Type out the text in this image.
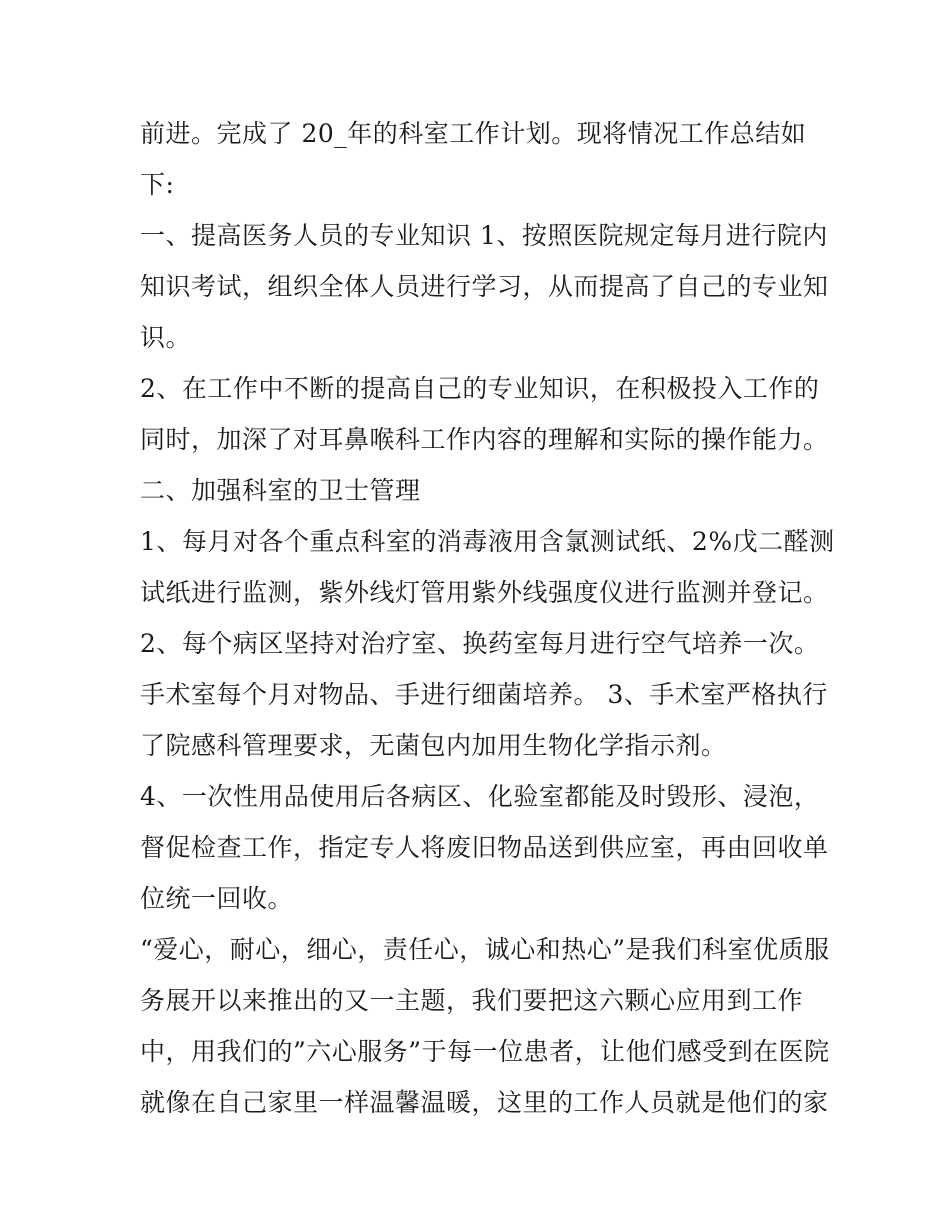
前进。完成了 20_年的科室工作计划。现将情况工作总结如
下:
一、提高医务人员的专业知识 1、按照医院规定每月进行院内
知识考试，组织全体人员进行学习，从而提高了自己的专业知
识。
2、在工作中不断的提高自己的专业知识，在积极投入工作的
同时，加深了对耳鼻喉科工作内容的理解和实际的操作能力。
二、加强科室的卫士管理
1、每月对各个重点科室的消毒液用含氯测试纸、2%戊二醛测
试纸进行监测，紫外线灯管用紫外线强度仪进行监测并登记。
2、每个病区坚持对治疗室、换药室每月进行空气培养一次。
手术室每个月对物品、手进行细菌培养。 3、手术室严格执行
了院感科管理要求，无菌包内加用生物化学指示剂。
4、一次性用品使用后各病区、化验室都能及时毁形、浸泡，
督促检查工作，指定专人将废旧物品送到供应室，再由回收单
位统一回收。
“爱心，耐心，细心，责任心，诚心和热心”是我们科室优质服
务展开以来推出的又一主题，我们要把这六颗心应用到工作
中，用我们的”六心服务”于每一位患者，让他们感受到在医院
就像在自己家里一样温馨温暖，这里的工作人员就是他们的家
